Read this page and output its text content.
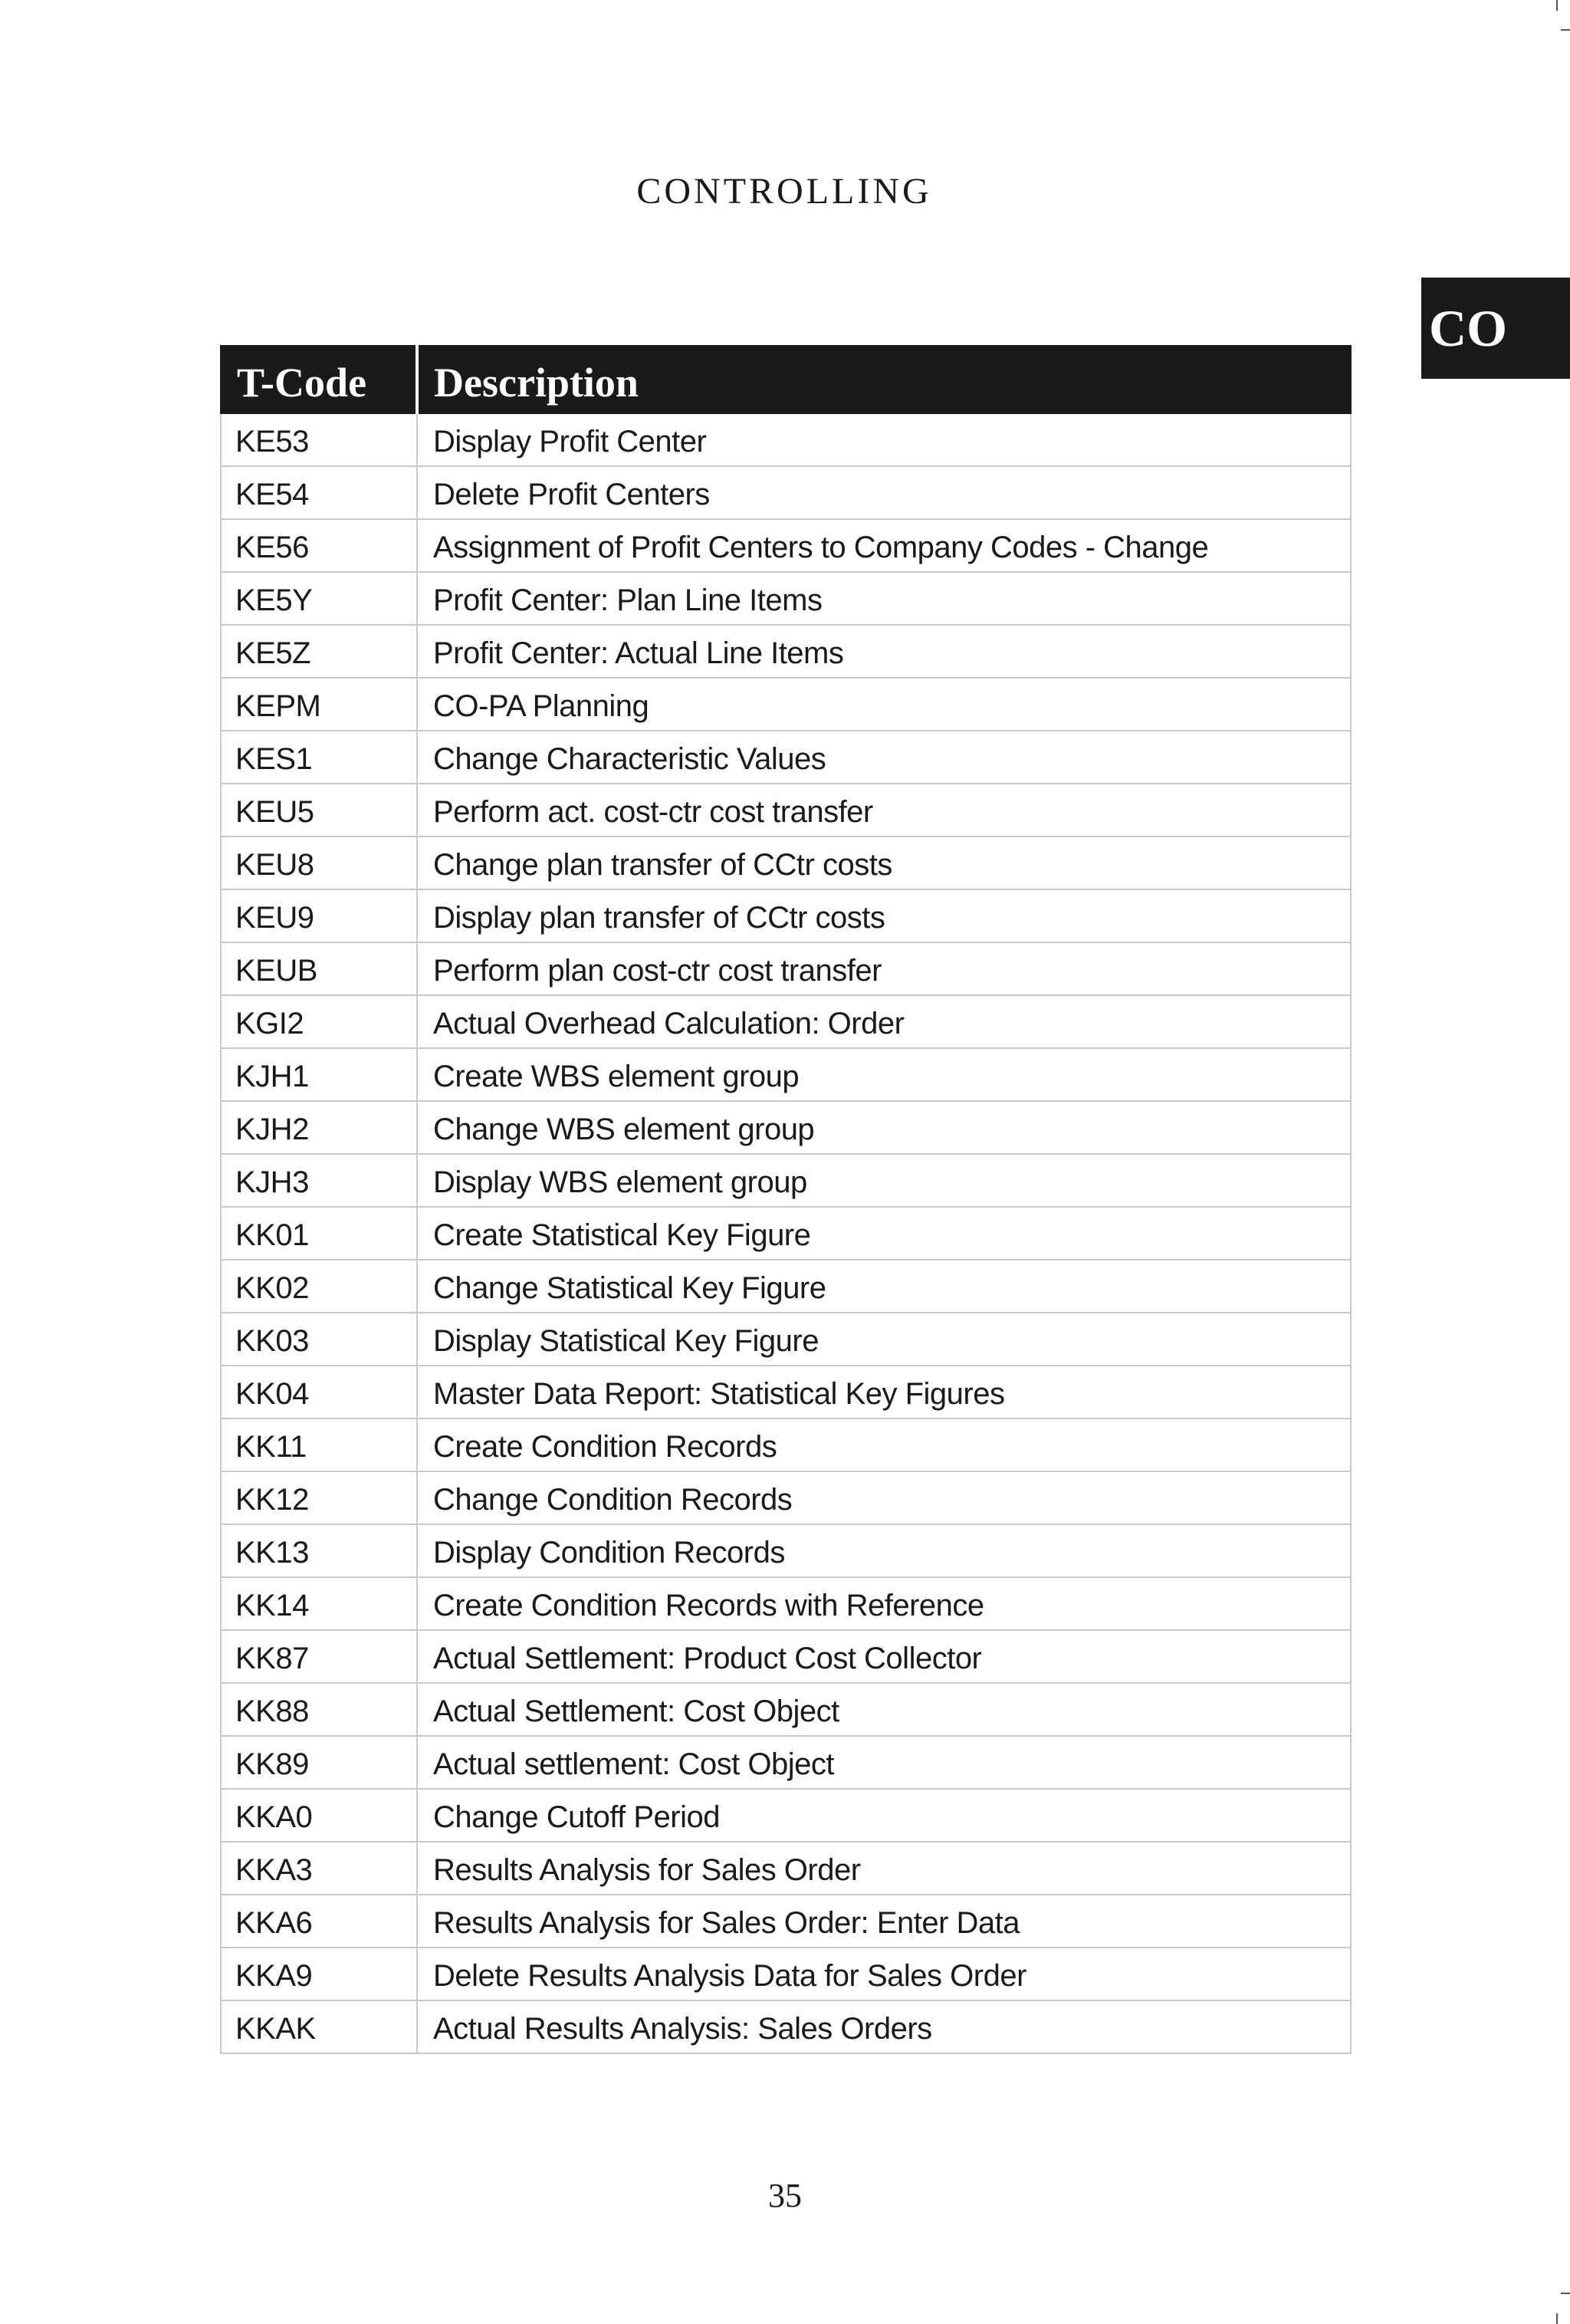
CONTROLLING
CO
T-Code	Description
KE53	Display Profit Center
KE54	Delete Profit Centers
KE56	Assignment of Profit Centers to Company Codes - Change
KE5Y	Profit Center: Plan Line Items
KE5Z	Profit Center: Actual Line Items
KEPM	CO-PA Planning
KES1	Change Characteristic Values
KEU5	Perform act. cost-ctr cost transfer
KEU8	Change plan transfer of CCtr costs
KEU9	Display plan transfer of CCtr costs
KEUB	Perform plan cost-ctr cost transfer
KGI2	Actual Overhead Calculation: Order
KJH1	Create WBS element group
KJH2	Change WBS element group
KJH3	Display WBS element group
KK01	Create Statistical Key Figure
KK02	Change Statistical Key Figure
KK03	Display Statistical Key Figure
KK04	Master Data Report: Statistical Key Figures
KK11	Create Condition Records
KK12	Change Condition Records
KK13	Display Condition Records
KK14	Create Condition Records with Reference
KK87	Actual Settlement: Product Cost Collector
KK88	Actual Settlement: Cost Object
KK89	Actual settlement: Cost Object
KKA0	Change Cutoff Period
KKA3	Results Analysis for Sales Order
KKA6	Results Analysis for Sales Order: Enter Data
KKA9	Delete Results Analysis Data for Sales Order
KKAK	Actual Results Analysis: Sales Orders
35
